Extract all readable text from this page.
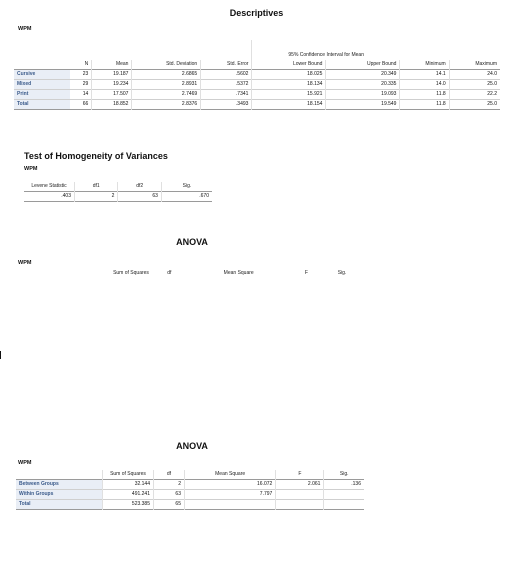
Descriptives
WPM
					95% Confidence Interval for Mean			
	N	Mean	Std. Deviation	Std. Error	Lower Bound	Upper Bound	Minimum	Maximum
Cursive	23	19.187	2.6865	.5602	18.025	20.349	14.1	24.0
Mixed	29	19.234	2.8931	.5372	18.134	20.335	14.0	25.0
Print	14	17.507	2.7469	.7341	15.921	19.093	11.8	22.2
Total	66	18.852	2.8376	.3493	18.154	19.549	11.8	25.0
Test of Homogeneity of Variances
WPM
Levene Statistic	df1	df2	Sig.
.403	2	63	.670
ANOVA
WPM
Sum of Squares	df	Mean Square	F	Sig.
ANOVA
WPM
	Sum of Squares	df	Mean Square	F	Sig.
Between Groups	32.144	2	16.072	2.061	.136
Within Groups	491.241	63	7.797		
Total	523.385	65			
